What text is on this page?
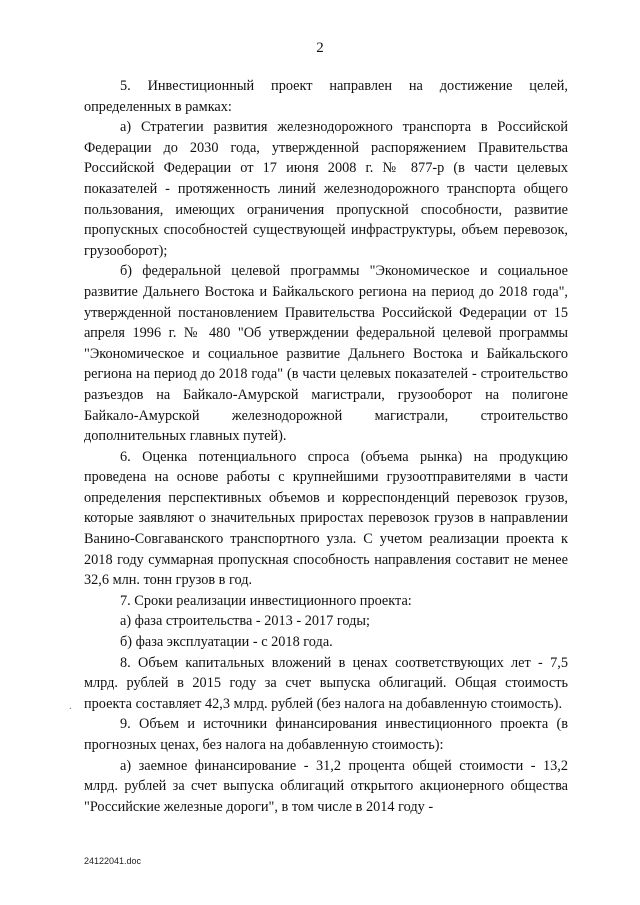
2

5. Инвестиционный проект направлен на достижение целей, определенных в рамках:

а) Стратегии развития железнодорожного транспорта в Российской Федерации до 2030 года, утвержденной распоряжением Правительства Российской Федерации от 17 июня 2008 г. № 877-р (в части целевых показателей - протяженность линий железнодорожного транспорта общего пользования, имеющих ограничения пропускной способности, развитие пропускных способностей существующей инфраструктуры, объем перевозок, грузооборот);

б) федеральной целевой программы "Экономическое и социальное развитие Дальнего Востока и Байкальского региона на период до 2018 года", утвержденной постановлением Правительства Российской Федерации от 15 апреля 1996 г. № 480 "Об утверждении федеральной целевой программы "Экономическое и социальное развитие Дальнего Востока и Байкальского региона на период до 2018 года" (в части целевых показателей - строительство разъездов на Байкало-Амурской магистрали, грузооборот на полигоне Байкало-Амурской железнодорожной магистрали, строительство дополнительных главных путей).

6. Оценка потенциального спроса (объема рынка) на продукцию проведена на основе работы с крупнейшими грузоотправителями в части определения перспективных объемов и корреспонденций перевозок грузов, которые заявляют о значительных приростах перевозок грузов в направлении Ванино-Совгаванского транспортного узла. С учетом реализации проекта к 2018 году суммарная пропускная способность направления составит не менее 32,6 млн. тонн грузов в год.

7. Сроки реализации инвестиционного проекта:

а) фаза строительства - 2013 - 2017 годы;

б) фаза эксплуатации - с 2018 года.

8. Объем капитальных вложений в ценах соответствующих лет - 7,5 млрд. рублей в 2015 году за счет выпуска облигаций. Общая стоимость проекта составляет 42,3 млрд. рублей (без налога на добавленную стоимость).

9. Объем и источники финансирования инвестиционного проекта (в прогнозных ценах, без налога на добавленную стоимость):

а) заемное финансирование - 31,2 процента общей стоимости - 13,2 млрд. рублей за счет выпуска облигаций открытого акционерного общества "Российские железные дороги", в том числе в 2014 году -

.
24122041.doc
